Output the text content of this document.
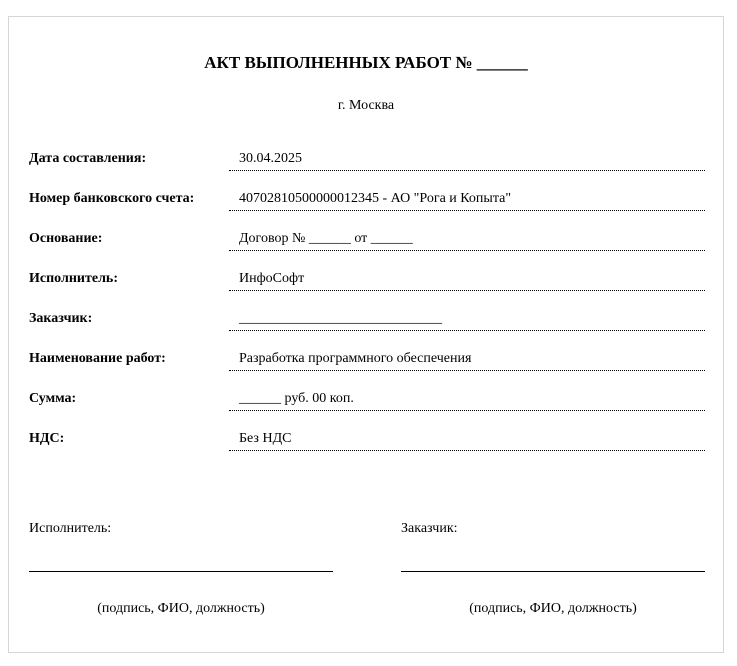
АКТ ВЫПОЛНЕННЫХ РАБОТ № ______
г. Москва
Дата составления:	30.04.2025
Номер банковского счета:	40702810500000012345 - АО "Рога и Копыта"
Основание:	Договор № ______ от ______
Исполнитель:	ИнфоСофт
Заказчик:	_____________________________
Наименование работ:	Разработка программного обеспечения
Сумма:	______ руб. 00 коп.
НДС:	Без НДС
Исполнитель:
(подпись, ФИО, должность)
Заказчик:
(подпись, ФИО, должность)
